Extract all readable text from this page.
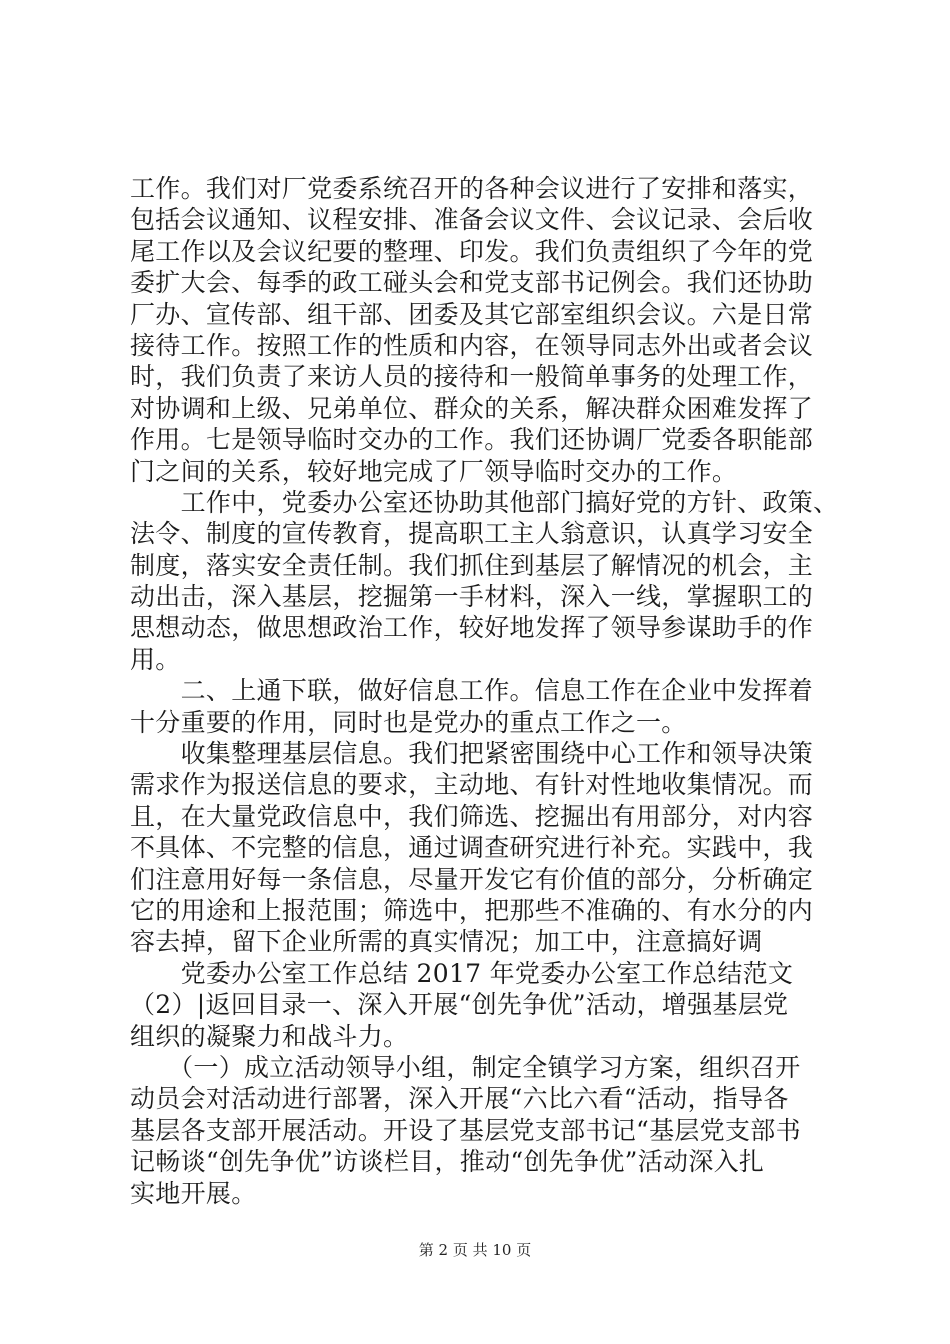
工作。我们对厂党委系统召开的各种会议进行了安排和落实，
包括会议通知、议程安排、准备会议文件、会议记录、会后收
尾工作以及会议纪要的整理、印发。我们负责组织了今年的党
委扩大会、每季的政工碰头会和党支部书记例会。我们还协助
厂办、宣传部、组干部、团委及其它部室组织会议。六是日常
接待工作。按照工作的性质和内容，在领导同志外出或者会议
时，我们负责了来访人员的接待和一般简单事务的处理工作，
对协调和上级、兄弟单位、群众的关系，解决群众困难发挥了
作用。七是领导临时交办的工作。我们还协调厂党委各职能部
门之间的关系，较好地完成了厂领导临时交办的工作。
　　工作中，党委办公室还协助其他部门搞好党的方针、政策、
法令、制度的宣传教育，提高职工主人翁意识，认真学习安全
制度，落实安全责任制。我们抓住到基层了解情况的机会，主
动出击，深入基层，挖掘第一手材料，深入一线，掌握职工的
思想动态，做思想政治工作，较好地发挥了领导参谋助手的作
用。
　　二、上通下联，做好信息工作。信息工作在企业中发挥着
十分重要的作用，同时也是党办的重点工作之一。
　　收集整理基层信息。我们把紧密围绕中心工作和领导决策
需求作为报送信息的要求，主动地、有针对性地收集情况。而
且，在大量党政信息中，我们筛选、挖掘出有用部分，对内容
不具体、不完整的信息，通过调查研究进行补充。实践中，我
们注意用好每一条信息，尽量开发它有价值的部分，分析确定
它的用途和上报范围；筛选中，把那些不准确的、有水分的内
容去掉，留下企业所需的真实情况；加工中，注意搞好调
　　党委办公室工作总结 2017 年党委办公室工作总结范文
（2）|返回目录一、深入开展“创先争优”活动，增强基层党
组织的凝聚力和战斗力。
　　（一）成立活动领导小组，制定全镇学习方案，组织召开
动员会对活动进行部署，深入开展“六比六看“活动，指导各
基层各支部开展活动。开设了基层党支部书记“基层党支部书
记畅谈“创先争优”访谈栏目，推动“创先争优”活动深入扎
实地开展。
第 2 页 共 10 页
